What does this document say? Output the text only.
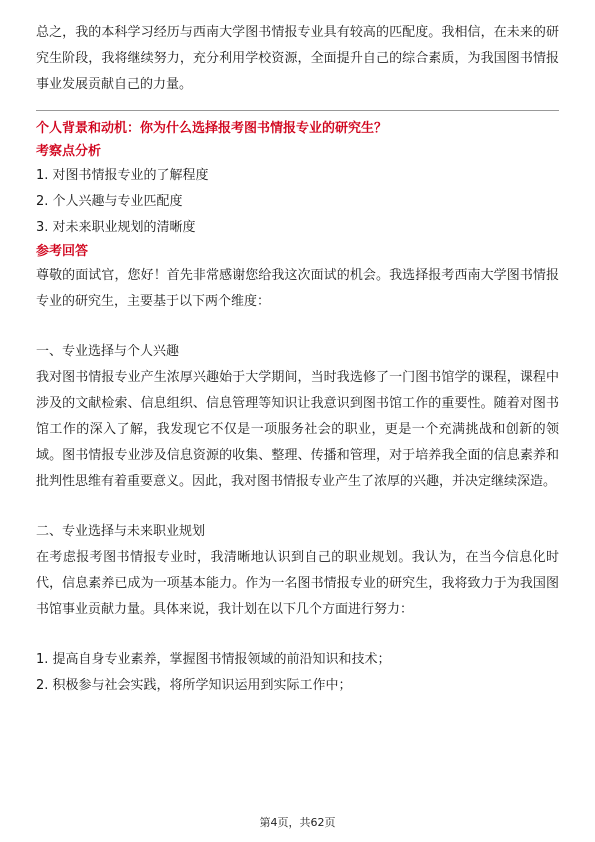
总之，我的本科学习经历与西南大学图书情报专业具有较高的匹配度。我相信，在未来的研究生阶段，我将继续努力，充分利用学校资源，全面提升自己的综合素质，为我国图书情报事业发展贡献自己的力量。

个人背景和动机：你为什么选择报考图书情报专业的研究生？

考察点分析

1. 对图书情报专业的了解程度

2. 个人兴趣与专业匹配度

3. 对未来职业规划的清晰度

参考回答

尊敬的面试官，您好！首先非常感谢您给我这次面试的机会。我选择报考西南大学图书情报专业的研究生，主要基于以下两个维度：

一、专业选择与个人兴趣

我对图书情报专业产生浓厚兴趣始于大学期间，当时我选修了一门图书馆学的课程，课程中涉及的文献检索、信息组织、信息管理等知识让我意识到图书馆工作的重要性。随着对图书馆工作的深入了解，我发现它不仅是一项服务社会的职业，更是一个充满挑战和创新的领域。图书情报专业涉及信息资源的收集、整理、传播和管理，对于培养我全面的信息素养和批判性思维有着重要意义。因此，我对图书情报专业产生了浓厚的兴趣，并决定继续深造。

二、专业选择与未来职业规划

在考虑报考图书情报专业时，我清晰地认识到自己的职业规划。我认为，在当今信息化时代，信息素养已成为一项基本能力。作为一名图书情报专业的研究生，我将致力于为我国图书馆事业贡献力量。具体来说，我计划在以下几个方面进行努力：

1. 提高自身专业素养，掌握图书情报领域的前沿知识和技术；

2. 积极参与社会实践，将所学知识运用到实际工作中；

第4页，共62页
